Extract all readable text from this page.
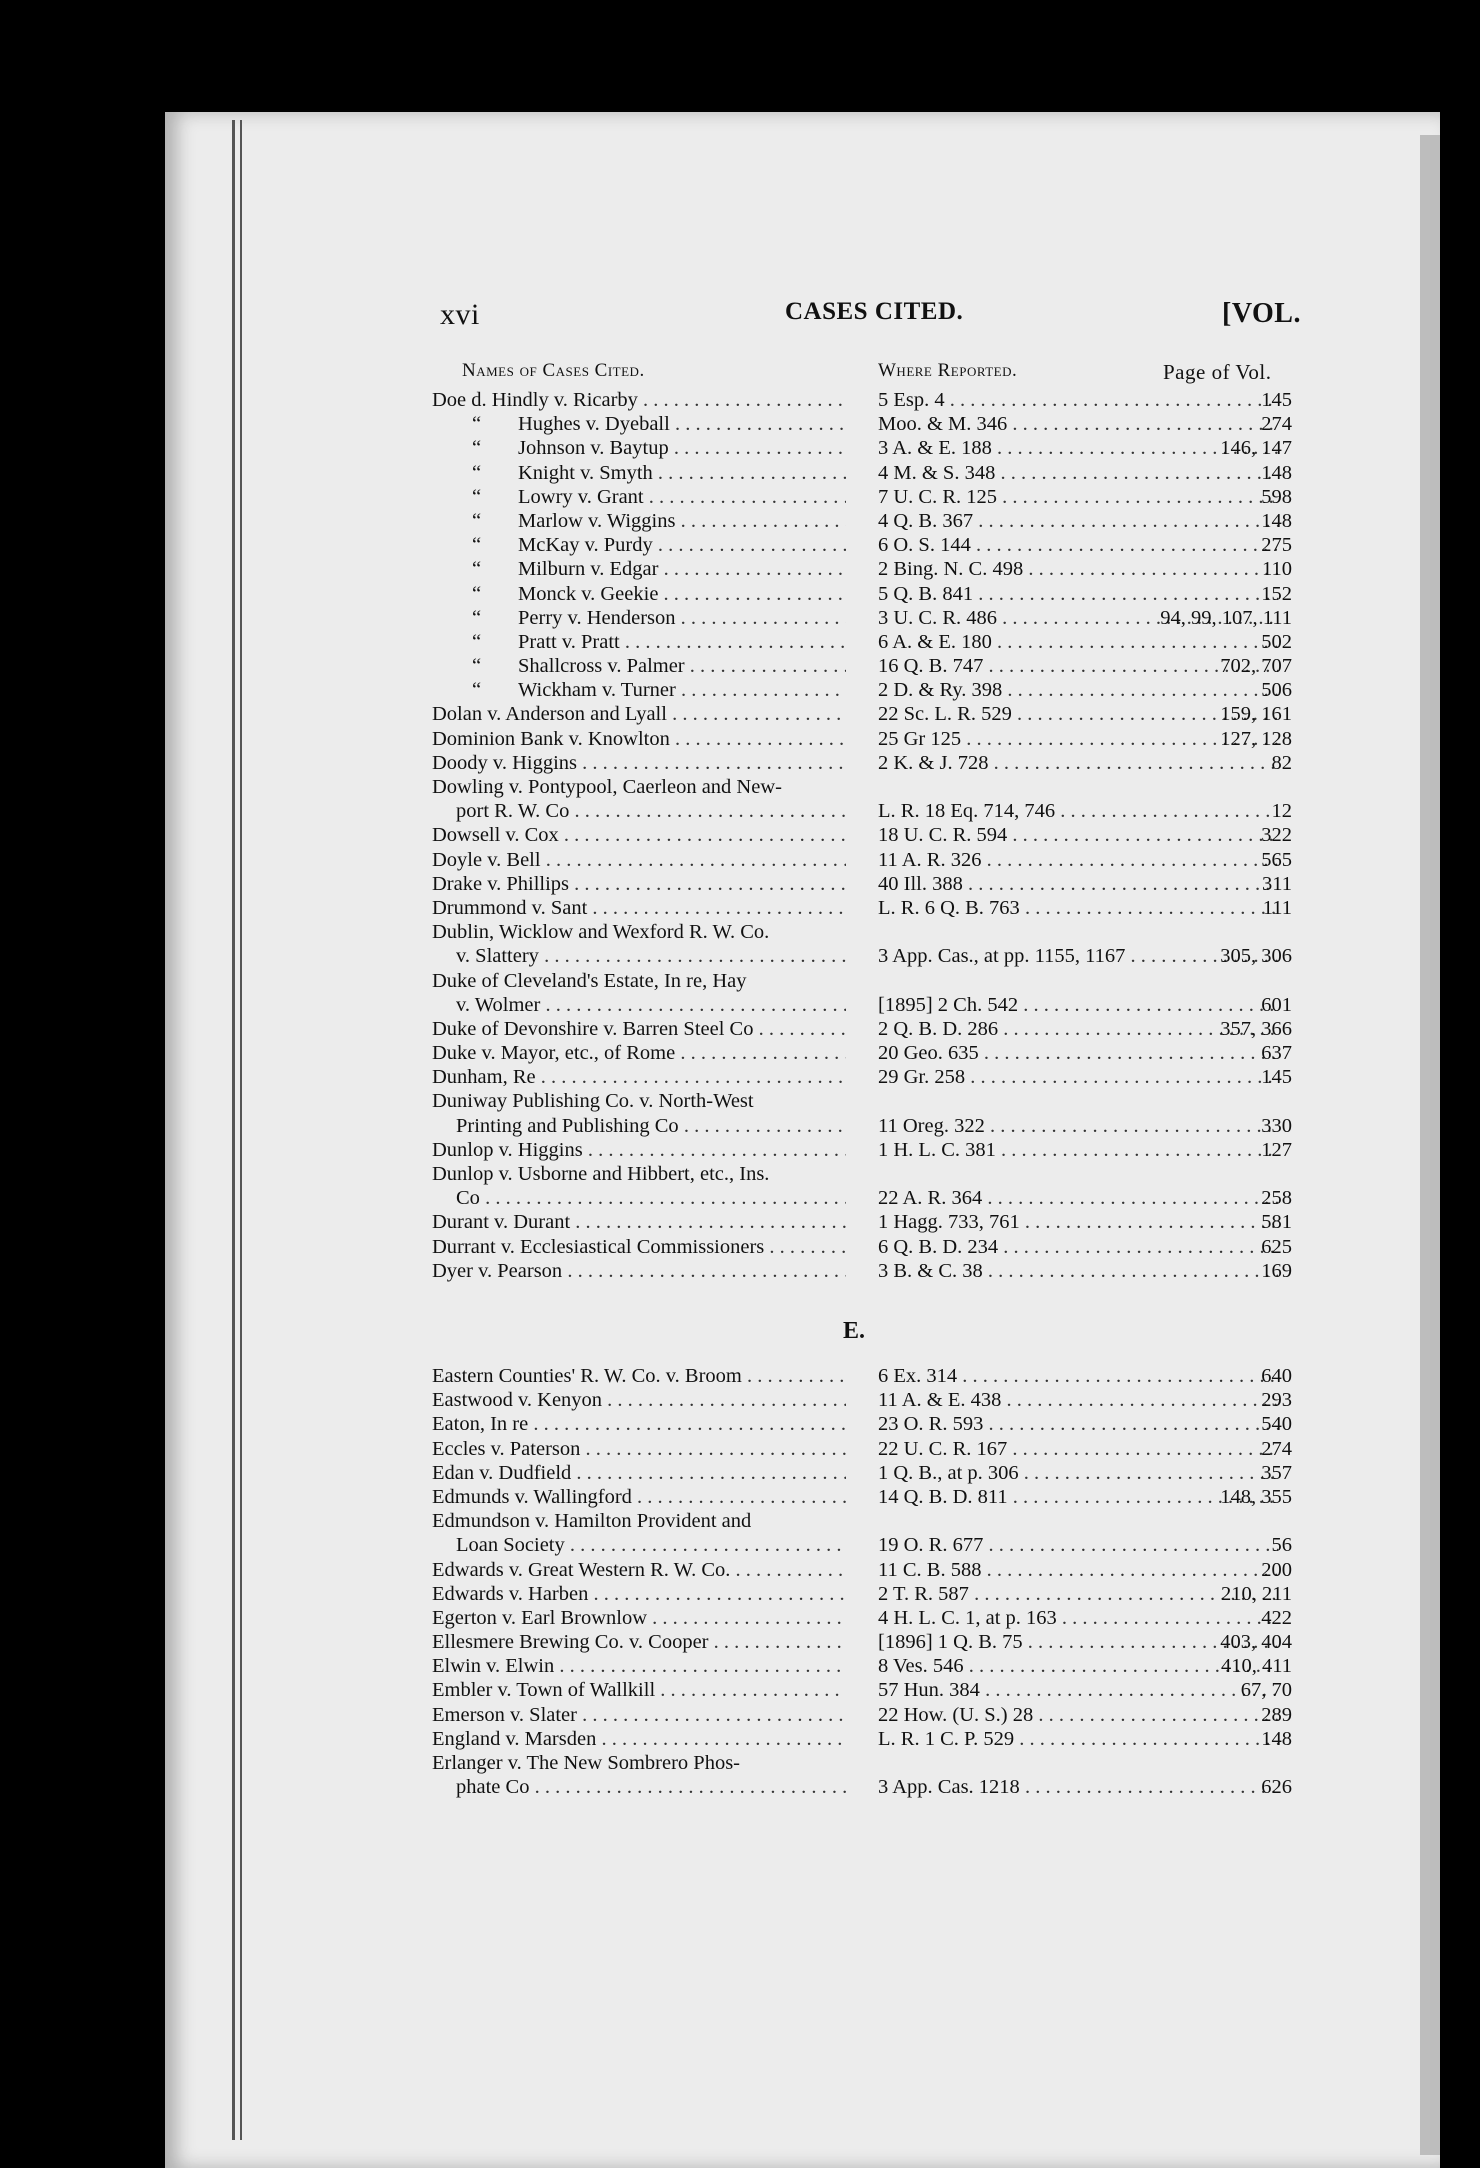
xvi	CASES CITED.	[VOL.
Names of Cases Cited.	Where Reported.	Page of Vol.
Doe d. Hindly v. Ricarby . . .	5 Esp. 4 . . .	145
“	Hughes v. Dyeball . . .	Moo. & M. 346 . . .	274
“	Johnson v. Baytup . . .	3 A. & E. 188 . . .	146, 147
“	Knight v. Smyth . . .	4 M. & S. 348 . . .	148
“	Lowry v. Grant . . .	7 U. C. R. 125 . . .	598
“	Marlow v. Wiggins . . .	4 Q. B. 367 . . .	148
“	McKay v. Purdy . . .	6 O. S. 144 . . .	275
“	Milburn v. Edgar . . .	2 Bing. N. C. 498 . . .	110
“	Monck v. Geekie . . .	5 Q. B. 841 . . .	152
“	Perry v. Henderson . . .	3 U. C. R. 486 . . .	94, 99, 107, 111
“	Pratt v. Pratt . . .	6 A. & E. 180 . . .	502
“	Shallcross v. Palmer . . .	16 Q. B. 747 . . .	702, 707
“	Wickham v. Turner . . .	2 D. & Ry. 398 . . .	506
Dolan v. Anderson and Lyall . . .	22 Sc. L. R. 529 . . .	159, 161
Dominion Bank v. Knowlton . . .	25 Gr 125 . . .	127, 128
Doody v. Higgins . . .	2 K. & J. 728 . . .	82
Dowling v. Pontypool, Caerleon and New-
port R. W. Co . . .	L. R. 18 Eq. 714, 746 . . .	12
Dowsell v. Cox . . .	18 U. C. R. 594 . . .	322
Doyle v. Bell . . .	11 A. R. 326 . . .	565
Drake v. Phillips . . .	40 Ill. 388 . . .	311
Drummond v. Sant . . .	L. R. 6 Q. B. 763 . . .	111
Dublin, Wicklow and Wexford R. W. Co.
v. Slattery . . .	3 App. Cas., at pp. 1155, 1167 . . .	305, 306
Duke of Cleveland's Estate, In re, Hay
v. Wolmer . . .	[1895] 2 Ch. 542 . . .	601
Duke of Devonshire v. Barren Steel Co . . .	2 Q. B. D. 286 . . .	357, 366
Duke v. Mayor, etc., of Rome . . .	20 Geo. 635 . . .	637
Dunham, Re . . .	29 Gr. 258 . . .	145
Duniway Publishing Co. v. North-West
Printing and Publishing Co . . .	11 Oreg. 322 . . .	330
Dunlop v. Higgins . . .	1 H. L. C. 381 . . .	127
Dunlop v. Usborne and Hibbert, etc., Ins.
Co . . .	22 A. R. 364 . . .	258
Durant v. Durant . . .	1 Hagg. 733, 761 . . .	581
Durrant v. Ecclesiastical Commissioners . . .	6 Q. B. D. 234 . . .	625
Dyer v. Pearson . . .	3 B. & C. 38 . . .	169
E.
Eastern Counties' R. W. Co. v. Broom . . .	6 Ex. 314 . . .	640
Eastwood v. Kenyon . . .	11 A. & E. 438 . . .	293
Eaton, In re . . .	23 O. R. 593 . . .	540
Eccles v. Paterson . . .	22 U. C. R. 167 . . .	274
Edan v. Dudfield . . .	1 Q. B., at p. 306 . . .	357
Edmunds v. Wallingford . . .	14 Q. B. D. 811 . . .	148, 355
Edmundson v. Hamilton Provident and
Loan Society . . .	19 O. R. 677 . . .	56
Edwards v. Great Western R. W. Co. . . .	11 C. B. 588 . . .	200
Edwards v. Harben . . .	2 T. R. 587 . . .	210, 211
Egerton v. Earl Brownlow . . .	4 H. L. C. 1, at p. 163 . . .	422
Ellesmere Brewing Co. v. Cooper . . .	[1896] 1 Q. B. 75 . . .	403, 404
Elwin v. Elwin . . .	8 Ves. 546 . . .	410, 411
Embler v. Town of Wallkill . . .	57 Hun. 384 . . .	67, 70
Emerson v. Slater . . .	22 How. (U. S.) 28 . . .	289
England v. Marsden . . .	L. R. 1 C. P. 529 . . .	148
Erlanger v. The New Sombrero Phos-
phate Co . . .	3 App. Cas. 1218 . . .	626
